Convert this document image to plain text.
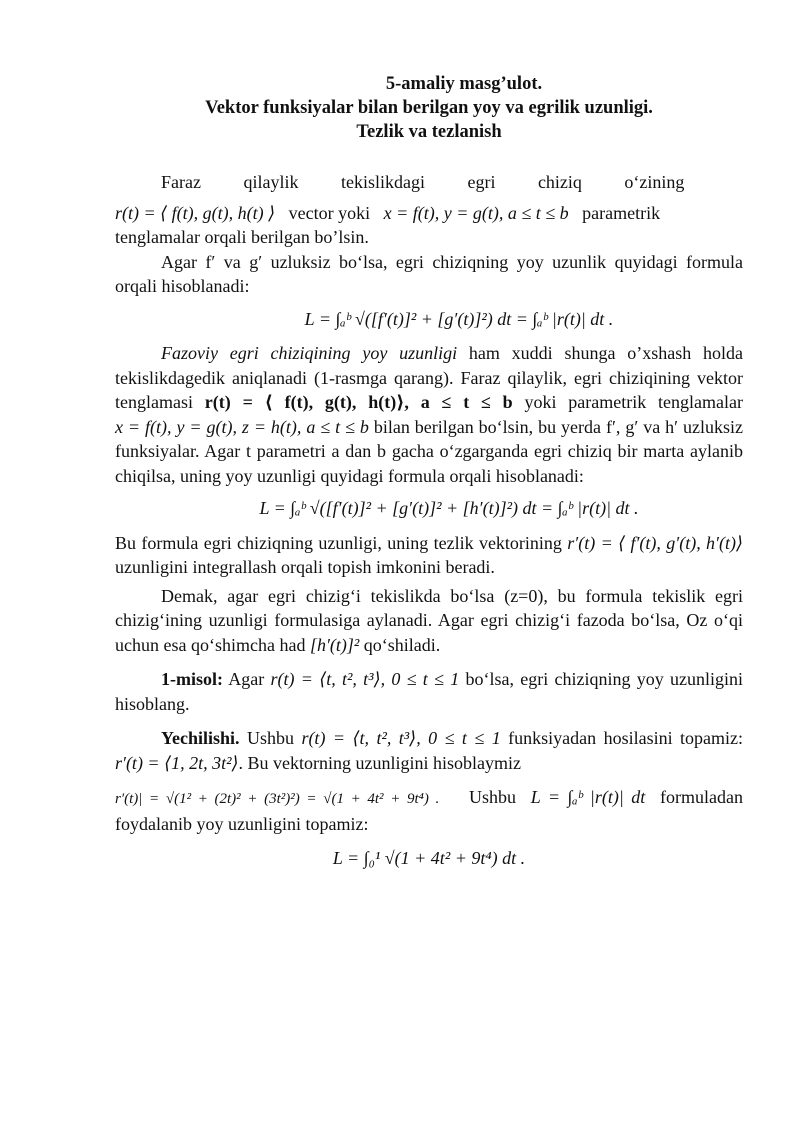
5-amaliy masg’ulot.

Vektor funksiyalar bilan berilgan yoy va egrilik uzunligi.

Tezlik va tezlanish

Faraz qilaylik tekislikdagi egri chiziq o‘zining

r(t) = ⟨ f(t), g(t), h(t) ⟩ vector yoki x = f(t), y = g(t), a ≤ t ≤ b parametrik
tenglamalar orqali berilgan bo’lsin.

Agar f′ va g′ uzluksiz bo‘lsa, egri chiziqning yoy uzunlik quyidagi formula orqali hisoblanadi:

L = ∫ₐᵇ √([f′(t)]² + [g′(t)]²) dt = ∫ₐᵇ |r(t)| dt .

Fazoviy egri chiziqining yoy uzunligi ham xuddi shunga o’xshash holda tekislikdagedik aniqlanadi (1-rasmga qarang). Faraz qilaylik, egri chiziqining vektor tenglamasi r(t) = ⟨ f(t), g(t), h(t)⟩, a ≤ t ≤ b yoki parametrik tenglamalar x = f(t), y = g(t), z = h(t), a ≤ t ≤ b bilan berilgan bo‘lsin, bu yerda f′, g′ va h′ uzluksiz funksiyalar. Agar t parametri a dan b gacha o‘zgarganda egri chiziq bir marta aylanib chiqilsa, uning yoy uzunligi quyidagi formula orqali hisoblanadi:

L = ∫ₐᵇ √([f′(t)]² + [g′(t)]² + [h′(t)]²) dt = ∫ₐᵇ |r(t)| dt .

Bu formula egri chiziqning uzunligi, uning tezlik vektorining r′(t) = ⟨ f′(t), g′(t), h′(t)⟩ uzunligini integrallash orqali topish imkonini beradi.

Demak, agar egri chizig‘i tekislikda bo‘lsa (z=0), bu formula tekislik egri chizig‘ining uzunligi formulasiga aylanadi. Agar egri chizig‘i fazoda bo‘lsa, Oz o‘qi uchun esa qo‘shimcha had [h′(t)]² qo‘shiladi.

1-misol: Agar r(t) = ⟨t, t², t³⟩, 0 ≤ t ≤ 1 bo‘lsa, egri chiziqning yoy uzunligini hisoblang.

Yechilishi. Ushbu r(t) = ⟨t, t², t³⟩, 0 ≤ t ≤ 1 funksiyadan hosilasini topamiz: r′(t) = ⟨1, 2t, 3t²⟩. Bu vektorning uzunligini hisoblaymiz

r′(t)| = √(1² + (2t)² + (3t²)²) = √(1 + 4t² + 9t⁴) . Ushbu L = ∫ₐᵇ |r(t)| dt formuladan foydalanib yoy uzunligini topamiz:

L = ∫₀¹ √(1 + 4t² + 9t⁴) dt .
